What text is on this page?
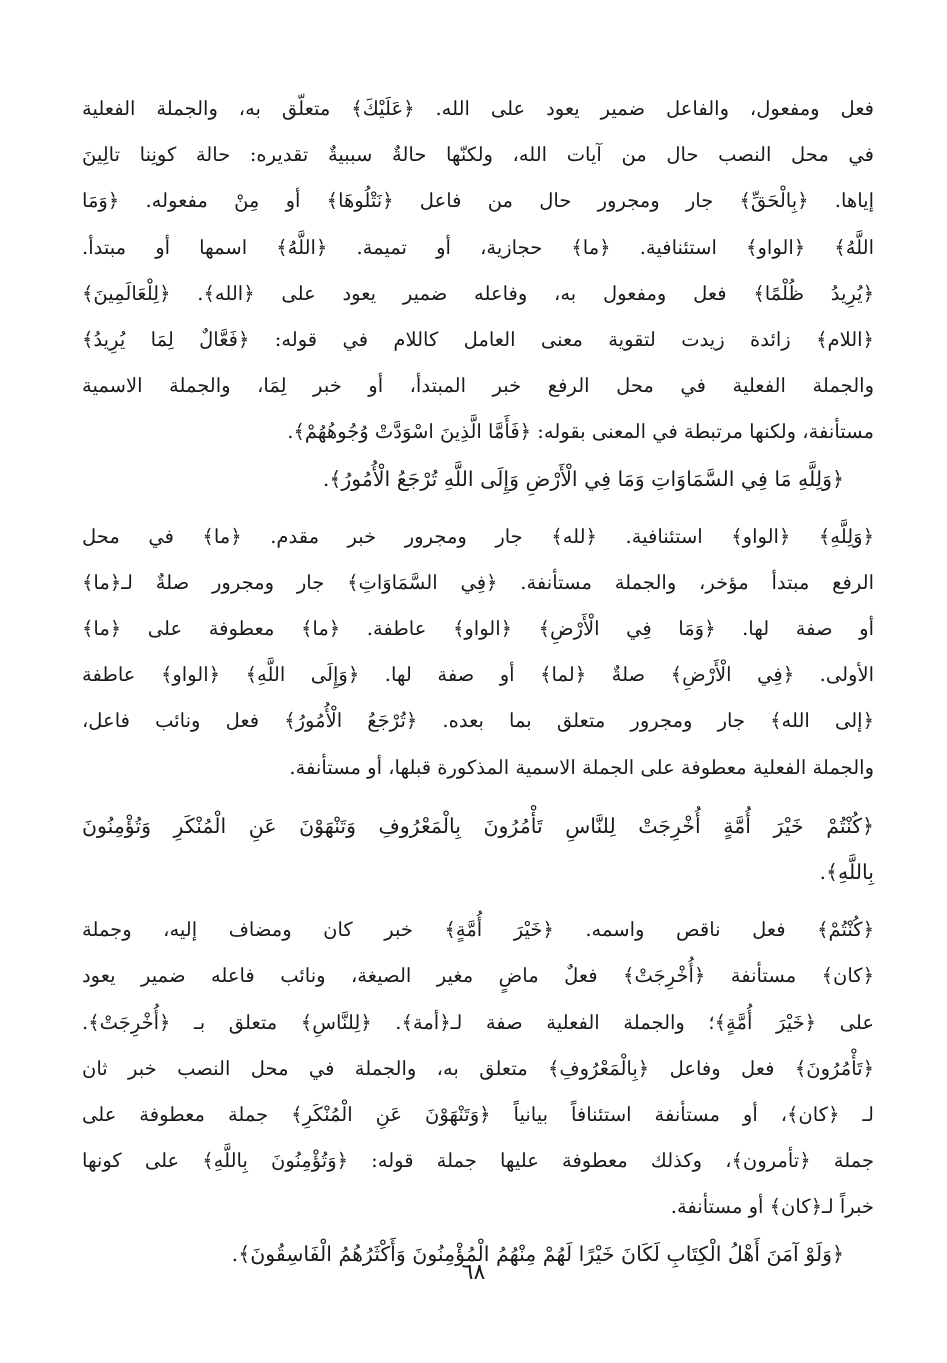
فعل ومفعول، والفاعل ضمير يعود على الله. ﴿عَلَيْكَ﴾ متعلّق به، والجملة الفعلية
في محل النصب حال من آيات الله، ولكنّها حالةٌ سببيةٌ تقديره: حالة كونِنا تالِينَ
إياها. ﴿بِالْحَقِّ﴾ جار ومجرور حال من فاعل ﴿نَتْلُوهَا﴾ أو مِنْ مفعوله. ﴿وَمَا
اللَّهُ﴾ ﴿الواو﴾ استئنافية. ﴿ما﴾ حجازية، أو تميمة. ﴿اللَّهُ﴾ اسمها أو مبتدأ.
﴿يُرِيدُ ظُلْمًا﴾ فعل ومفعول به، وفاعله ضمير يعود على ﴿الله﴾. ﴿لِلْعَالَمِينَ﴾
﴿اللام﴾ زائدة زيدت لتقوية معنى العامل كاللام في قوله: ﴿فَعَّالٌ لِمَا يُرِيدُ﴾
والجملة الفعلية في محل الرفع خبر المبتدأ، أو خبر لِمَا، والجملة الاسمية
مستأنفة، ولكنها مرتبطة في المعنى بقوله: ﴿فَأَمَّا الَّذِينَ اسْوَدَّتْ وُجُوهُهُمْ﴾.
﴿وَلِلَّهِ مَا فِي السَّمَاوَاتِ وَمَا فِي الْأَرْضِ وَإِلَى اللَّهِ تُرْجَعُ الْأُمُورُ﴾.
﴿وَلِلَّهِ﴾ ﴿الواو﴾ استئنافية. ﴿لله﴾ جار ومجرور خبر مقدم. ﴿ما﴾ في محل
الرفع مبتدأ مؤخر، والجملة مستأنفة. ﴿فِي السَّمَاوَاتِ﴾ جار ومجرور صلةٌ لـ﴿ما﴾
أو صفة لها. ﴿وَمَا فِي الْأَرْضِ﴾ ﴿الواو﴾ عاطفة. ﴿ما﴾ معطوفة على ﴿ما﴾
الأولى. ﴿فِي الْأَرْضِ﴾ صلةٌ ﴿لما﴾ أو صفة لها. ﴿وَإِلَى اللَّهِ﴾ ﴿الواو﴾ عاطفة
﴿إلى الله﴾ جار ومجرور متعلق بما بعده. ﴿تُرْجَعُ الْأُمُورُ﴾ فعل ونائب فاعل،
والجملة الفعلية معطوفة على الجملة الاسمية المذكورة قبلها، أو مستأنفة.
﴿كُنْتُمْ خَيْرَ أُمَّةٍ أُخْرِجَتْ لِلنَّاسِ تَأْمُرُونَ بِالْمَعْرُوفِ وَتَنْهَوْنَ عَنِ الْمُنْكَرِ وَتُؤْمِنُونَ
بِاللَّهِ﴾.
﴿كُنْتُمْ﴾ فعل ناقص واسمه. ﴿خَيْرَ أُمَّةٍ﴾ خبر كان ومضاف إليه، وجملة
﴿كان﴾ مستأنفة ﴿أُخْرِجَتْ﴾ فعلٌ ماضٍ مغير الصيغة، ونائب فاعله ضمير يعود
على ﴿خَيْرَ أُمَّةٍ﴾؛ والجملة الفعلية صفة لـ﴿أمة﴾. ﴿لِلنَّاسِ﴾ متعلق بـ ﴿أُخْرِجَتْ﴾.
﴿تَأْمُرُونَ﴾ فعل وفاعل ﴿بِالْمَعْرُوفِ﴾ متعلق به، والجملة في محل النصب خبر ثان
لـ ﴿كان﴾، أو مستأنفة استئنافاً بيانياً ﴿وَتَنْهَوْنَ عَنِ الْمُنْكَرِ﴾ جملة معطوفة على
جملة ﴿تأمرون﴾، وكذلك معطوفة عليها جملة قوله: ﴿وَتُؤْمِنُونَ بِاللَّهِ﴾ على كونها
خبراً لـ﴿كان﴾ أو مستأنفة.
﴿وَلَوْ آمَنَ أَهْلُ الْكِتَابِ لَكَانَ خَيْرًا لَهُمْ مِنْهُمُ الْمُؤْمِنُونَ وَأَكْثَرُهُمُ الْفَاسِقُونَ﴾.
٦٨
